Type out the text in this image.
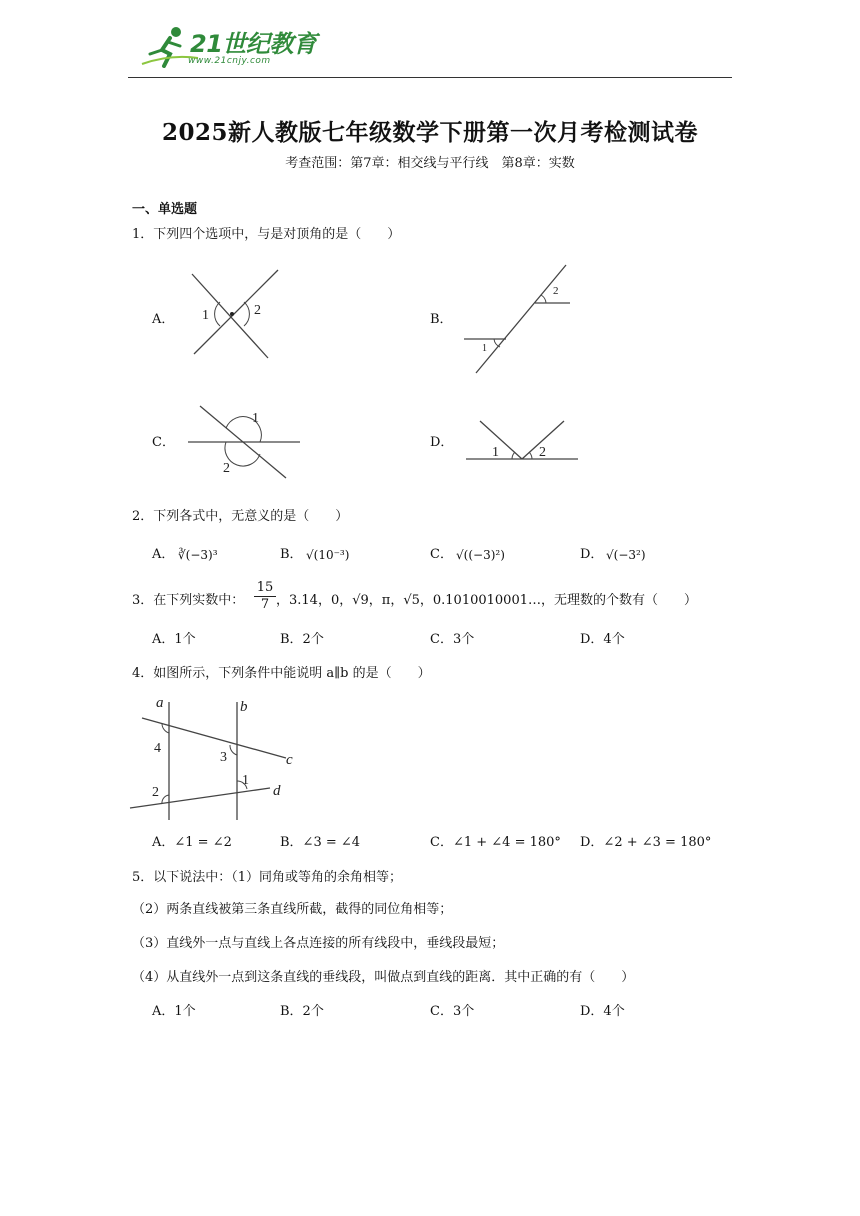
21世纪教育
www.21cnjy.com
2025新人教版七年级数学下册第一次月考检测试卷
考查范围：第7章：相交线与平行线　第8章：实数
一、单选题
1．下列四个选项中，与是对顶角的是（　　）
A． 1	2
B．
2
1
C．
1
2
D．
1	2
2．下列各式中，无意义的是（　　）
A． ∛(−3)³	B． √(10⁻³)	C． √((−3)²)	D． √(−3²)
3．在下列实数中： $\frac{15}{7}$ ，3.14，0，√9，π，√5，0.1010010001…，无理数的个数有（　　）
A．1个	B．2个	C．3个	D．4个
4．如图所示，下列条件中能说明 a∥b 的是（　　）
a	b
c
d
1
2
3
4
A．∠1 = ∠2	B．∠3 = ∠4	C．∠1 + ∠4 = 180° D．∠2 + ∠3 = 180°
5．以下说法中：（1）同角或等角的余角相等；
（2）两条直线被第三条直线所截，截得的同位角相等；
（3）直线外一点与直线上各点连接的所有线段中，垂线段最短；
（4）从直线外一点到这条直线的垂线段，叫做点到直线的距离．其中正确的有（　　）
A．1个	B．2个	C．3个	D．4个
